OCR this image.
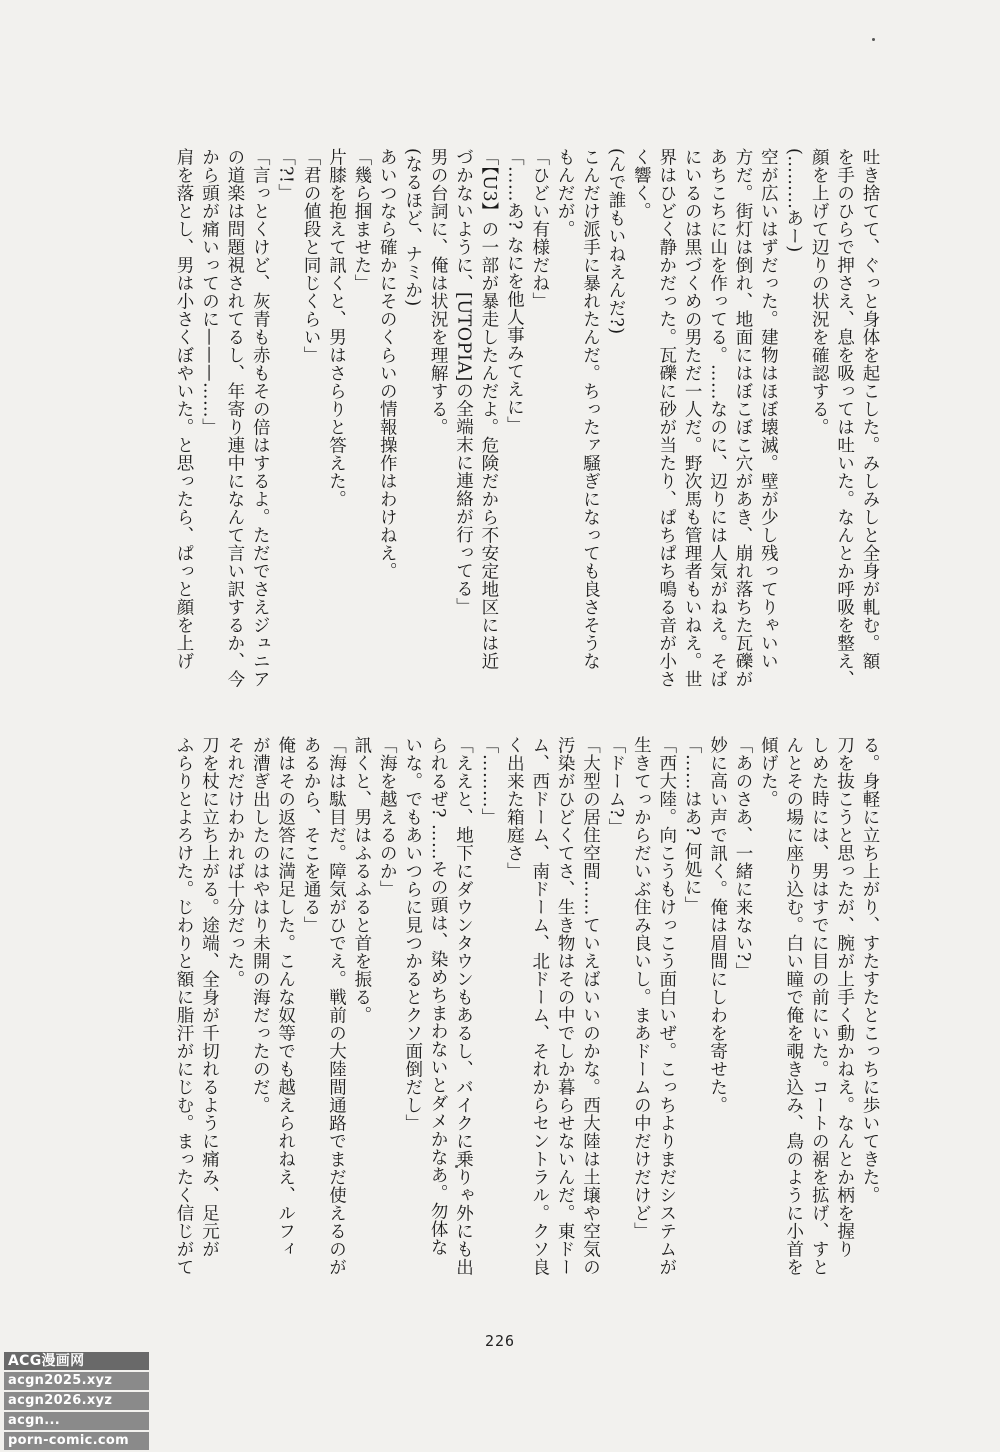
吐き捨てて、ぐっと身体を起こした。みしみしと全身が軋む。額

を手のひらで押さえ、息を吸っては吐いた。なんとか呼吸を整え、

顔を上げて辺りの状況を確認する。

(………あー)

空が広いはずだった。建物はほぼ壊滅。壁が少し残ってりゃいい

方だ。街灯は倒れ、地面にはぼこぼこ穴があき、崩れ落ちた瓦礫が

あちこちに山を作ってる。……なのに、辺りには人気がねえ。そば

にいるのは黒づくめの男ただ一人だ。野次馬も管理者もいねえ。世

界はひどく静かだった。瓦礫に砂が当たり、ぱちぱち鳴る音が小さ

く響く。

(んで誰もいねえんだ?)

こんだけ派手に暴れたんだ。ちったァ騒ぎになっても良さそうな

もんだが。

「ひどい有様だね」

「……あ? なにを他人事みてえに」

「【U3】の一部が暴走したんだよ。危険だから不安定地区には近

づかないように、[UTOPIA]の全端末に連絡が行ってる」

男の台詞に、俺は状況を理解する。

(なるほど、ナミか)

あいつなら確かにそのくらいの情報操作はわけねえ。

「幾ら掴ませた」

片膝を抱えて訊くと、男はさらりと答えた。

「君の値段と同じくらい」

「?!」

「言っとくけど、灰青も赤もその倍はするよ。ただでさえジュニア

の道楽は問題視されてるし、年寄り連中になんて言い訳するか、今

から頭が痛いってのに———……」

肩を落とし、男は小さくぼやいた。と思ったら、ぱっと顔を上げ

る。身軽に立ち上がり、すたすたとこっちに歩いてきた。

刀を抜こうと思ったが、腕が上手く動かねえ。なんとか柄を握り

しめた時には、男はすでに目の前にいた。コートの裾を拡げ、すと

んとその場に座り込む。白い瞳で俺を覗き込み、鳥のように小首を

傾げた。

「あのさあ、一緒に来ない?」

妙に高い声で訊く。俺は眉間にしわを寄せた。

「……はあ? 何処に」

「西大陸。向こうもけっこう面白いぜ。こっちよりまだシステムが

生きてっからだいぶ住み良いし。まあドームの中だけだけど」

「ドーム?」

「大型の居住空間……ていえばいいのかな。西大陸は土壌や空気の

汚染がひどくてさ、生き物はその中でしか暮らせないんだ。東ドー

ム、西ドーム、南ドーム、北ドーム、それからセントラル。クソ良

く出来た箱庭さ」

「………」

「ええと、地下にダウンタウンもあるし、バイクに乗りゃ外にも出

られるぜ? ……その頭は、染めちまわないとダメかなあ。勿体な

いな。でもあいつらに見つかるとクソ面倒だし」

「海を越えるのか」

訊くと、男はふるふると首を振る。

「海は駄目だ。障気がひでえ。戦前の大陸間通路でまだ使えるのが

あるから、そこを通る」

俺はその返答に満足した。こんな奴等でも越えられねえ、ルフィ

が漕ぎ出したのはやはり未開の海だったのだ。

それだけわかれば十分だった。

刀を杖に立ち上がる。途端、全身が千切れるように痛み、足元が

ふらりとよろけた。じわりと額に脂汗がにじむ。まったく信じがて

226
ACG漫画网
acgn2025.xyz
acgn2026.xyz
acgn...
porn-comic.com
